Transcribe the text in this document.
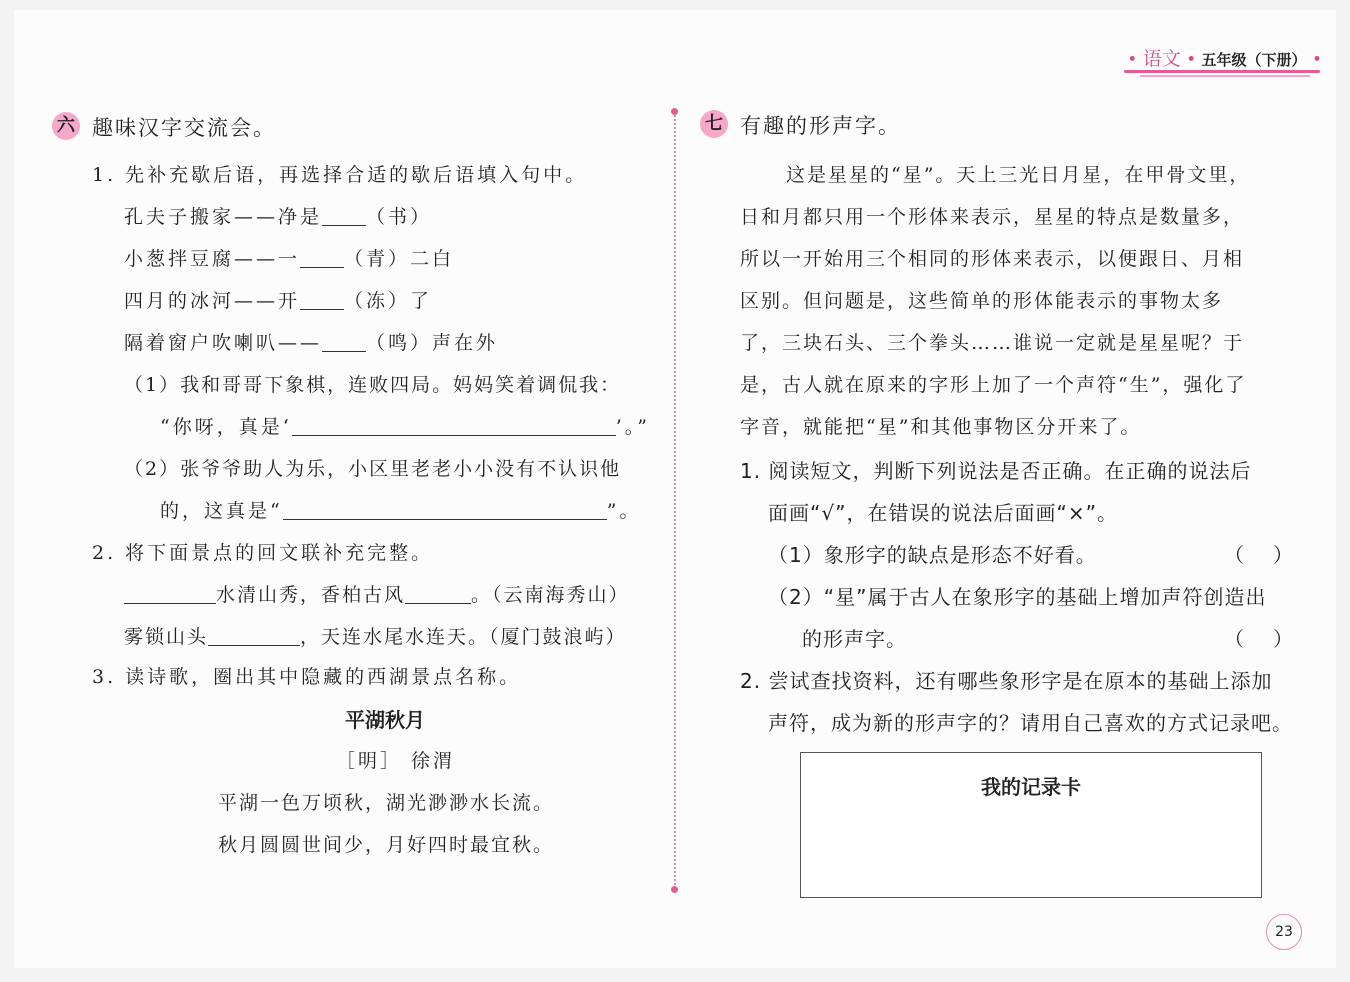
• 语文 • 五年级（下册） •
六 趣味汉字交流会。
1. 先补充歇后语，再选择合适的歇后语填入句中。
孔夫子搬家——净是 （书）
小葱拌豆腐——一 （青）二白
四月的冰河——开 （冻）了
隔着窗户吹喇叭—— （鸣）声在外
（1）我和哥哥下象棋，连败四局。妈妈笑着调侃我：
“你呀，真是‘	’。”
（2）张爷爷助人为乐，小区里老老小小没有不认识他
的，这真是“	”。
2. 将下面景点的回文联补充完整。
水清山秀，香柏古风	。（云南海秀山）
雾锁山头	，天连水尾水连天。（厦门鼓浪屿）
3. 读诗歌，圈出其中隐藏的西湖景点名称。
平湖秋月
［明］ 徐渭
平湖一色万顷秋，湖光渺渺水长流。
秋月圆圆世间少，月好四时最宜秋。
七 有趣的形声字。
这是星星的“星”。天上三光日月星，在甲骨文里，
日和月都只用一个形体来表示，星星的特点是数量多，
所以一开始用三个相同的形体来表示，以便跟日、月相
区别。但问题是，这些简单的形体能表示的事物太多
了，三块石头、三个拳头……谁说一定就是星星呢？于
是，古人就在原来的字形上加了一个声符“生”，强化了
字音，就能把“星”和其他事物区分开来了。
1. 阅读短文，判断下列说法是否正确。在正确的说法后
面画“√”，在错误的说法后面画“×”。
（1）象形字的缺点是形态不好看。	（ ）
（2）“星”属于古人在象形字的基础上增加声符创造出
的形声字。	（ ）
2. 尝试查找资料，还有哪些象形字是在原本的基础上添加
声符，成为新的形声字的？请用自己喜欢的方式记录吧。
我的记录卡
23
